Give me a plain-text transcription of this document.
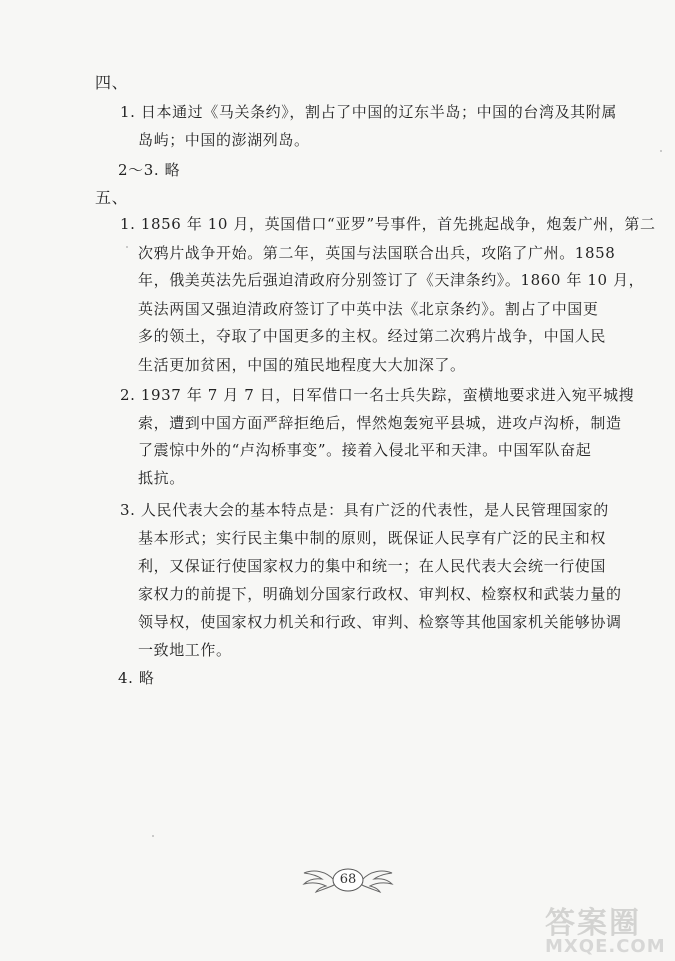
四、
1. 日本通过《马关条约》，割占了中国的辽东半岛；中国的台湾及其附属
岛屿；中国的澎湖列岛。
2～3. 略
五、
1. 1856 年 10 月，英国借口“亚罗”号事件，首先挑起战争，炮轰广州，第二
次鸦片战争开始。第二年，英国与法国联合出兵，攻陷了广州。1858
年，俄美英法先后强迫清政府分别签订了《天津条约》。1860 年 10 月，
英法两国又强迫清政府签订了中英中法《北京条约》。割占了中国更
多的领土，夺取了中国更多的主权。经过第二次鸦片战争，中国人民
生活更加贫困，中国的殖民地程度大大加深了。
2. 1937 年 7 月 7 日，日军借口一名士兵失踪，蛮横地要求进入宛平城搜
索，遭到中国方面严辞拒绝后，悍然炮轰宛平县城，进攻卢沟桥，制造
了震惊中外的“卢沟桥事变”。接着入侵北平和天津。中国军队奋起
抵抗。
3. 人民代表大会的基本特点是：具有广泛的代表性，是人民管理国家的
基本形式；实行民主集中制的原则，既保证人民享有广泛的民主和权
利，又保证行使国家权力的集中和统一；在人民代表大会统一行使国
家权力的前提下，明确划分国家行政权、审判权、检察权和武装力量的
领导权，使国家权力机关和行政、审判、检察等其他国家机关能够协调
一致地工作。
4. 略
68
答案圈
MXQE.COM
